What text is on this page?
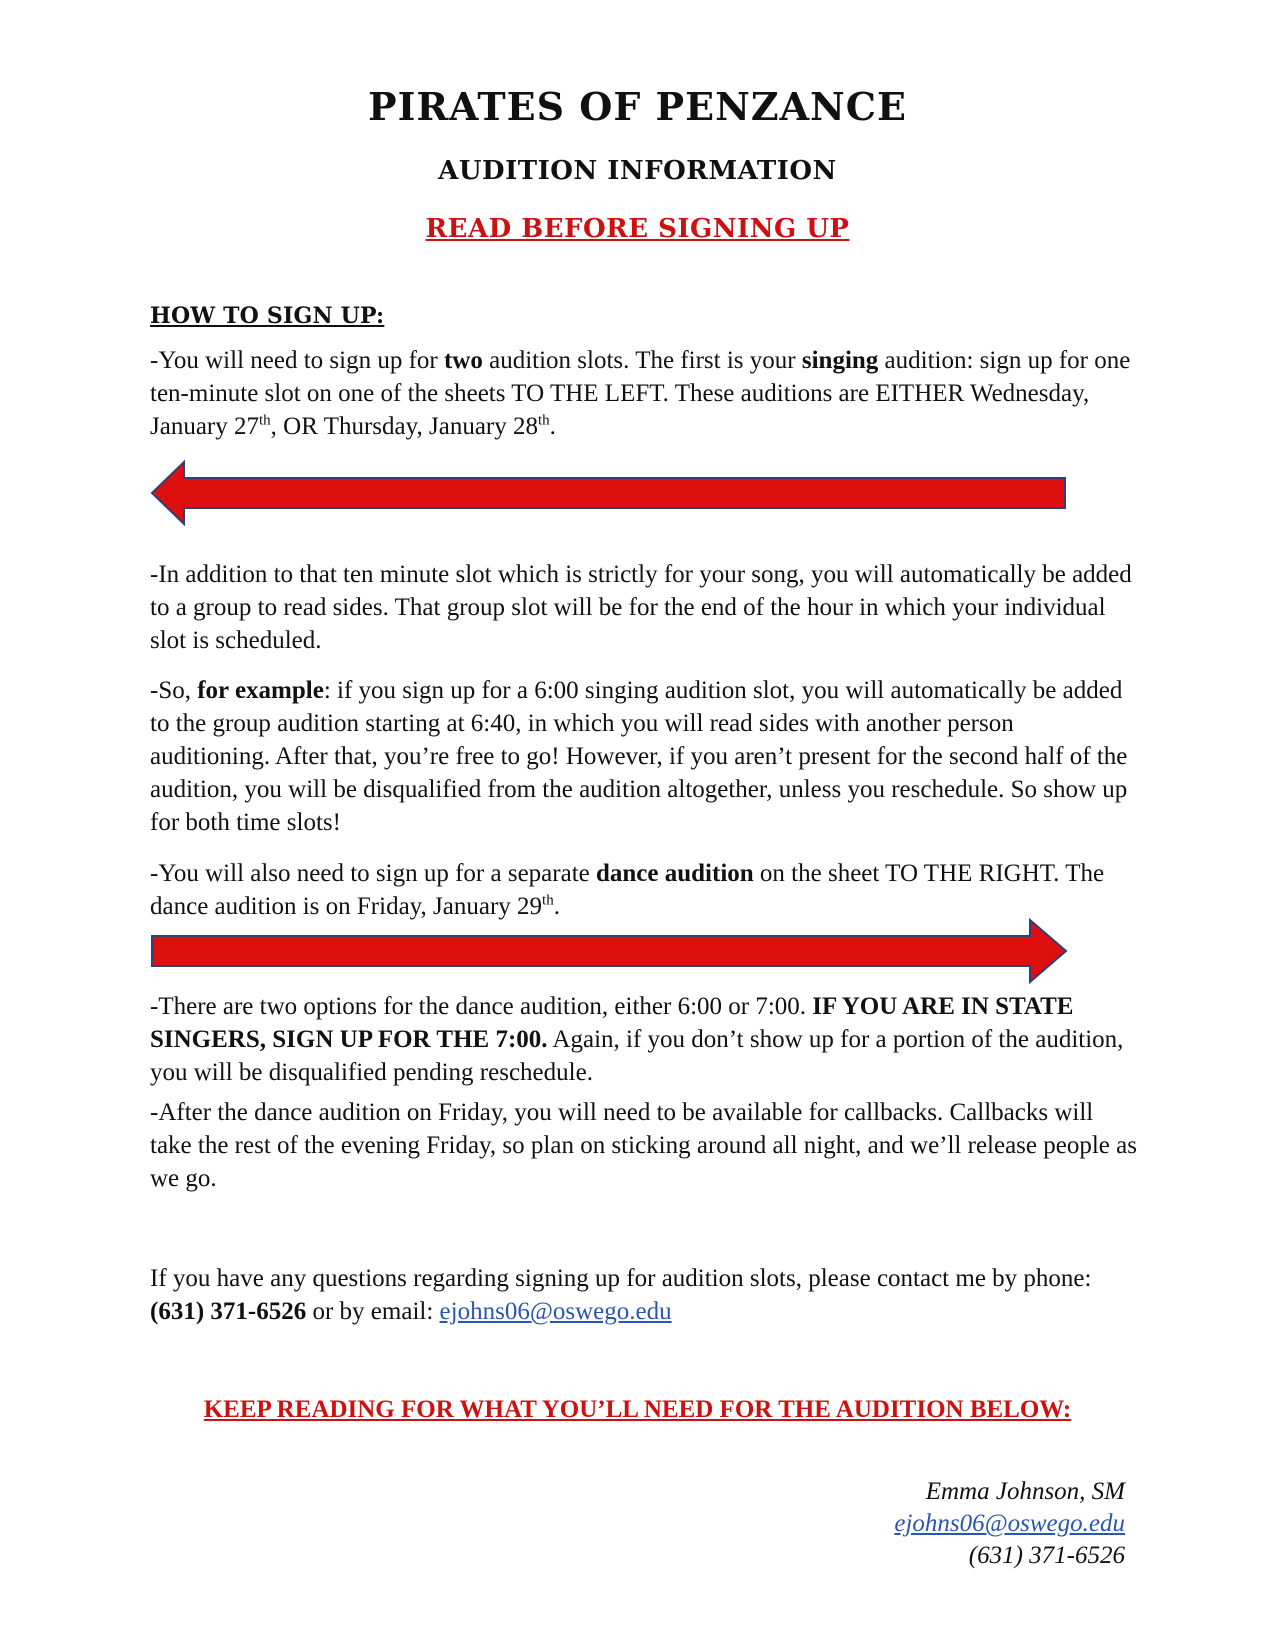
PIRATES OF PENZANCE
AUDITION INFORMATION
READ BEFORE SIGNING UP
HOW TO SIGN UP:
-You will need to sign up for two audition slots. The first is your singing audition: sign up for one ten-minute slot on one of the sheets TO THE LEFT. These auditions are EITHER Wednesday, January 27th, OR Thursday, January 28th.
-In addition to that ten minute slot which is strictly for your song, you will automatically be added to a group to read sides. That group slot will be for the end of the hour in which your individual slot is scheduled.
-So, for example: if you sign up for a 6:00 singing audition slot, you will automatically be added to the group audition starting at 6:40, in which you will read sides with another person auditioning. After that, you’re free to go! However, if you aren’t present for the second half of the audition, you will be disqualified from the audition altogether, unless you reschedule. So show up for both time slots!
-You will also need to sign up for a separate dance audition on the sheet TO THE RIGHT. The dance audition is on Friday, January 29th.
-There are two options for the dance audition, either 6:00 or 7:00. IF YOU ARE IN STATE SINGERS, SIGN UP FOR THE 7:00. Again, if you don’t show up for a portion of the audition, you will be disqualified pending reschedule.
-After the dance audition on Friday, you will need to be available for callbacks. Callbacks will take the rest of the evening Friday, so plan on sticking around all night, and we’ll release people as we go.
If you have any questions regarding signing up for audition slots, please contact me by phone: (631) 371-6526 or by email: ejohns06@oswego.edu
KEEP READING FOR WHAT YOU’LL NEED FOR THE AUDITION BELOW:
Emma Johnson, SM
ejohns06@oswego.edu
(631) 371-6526
